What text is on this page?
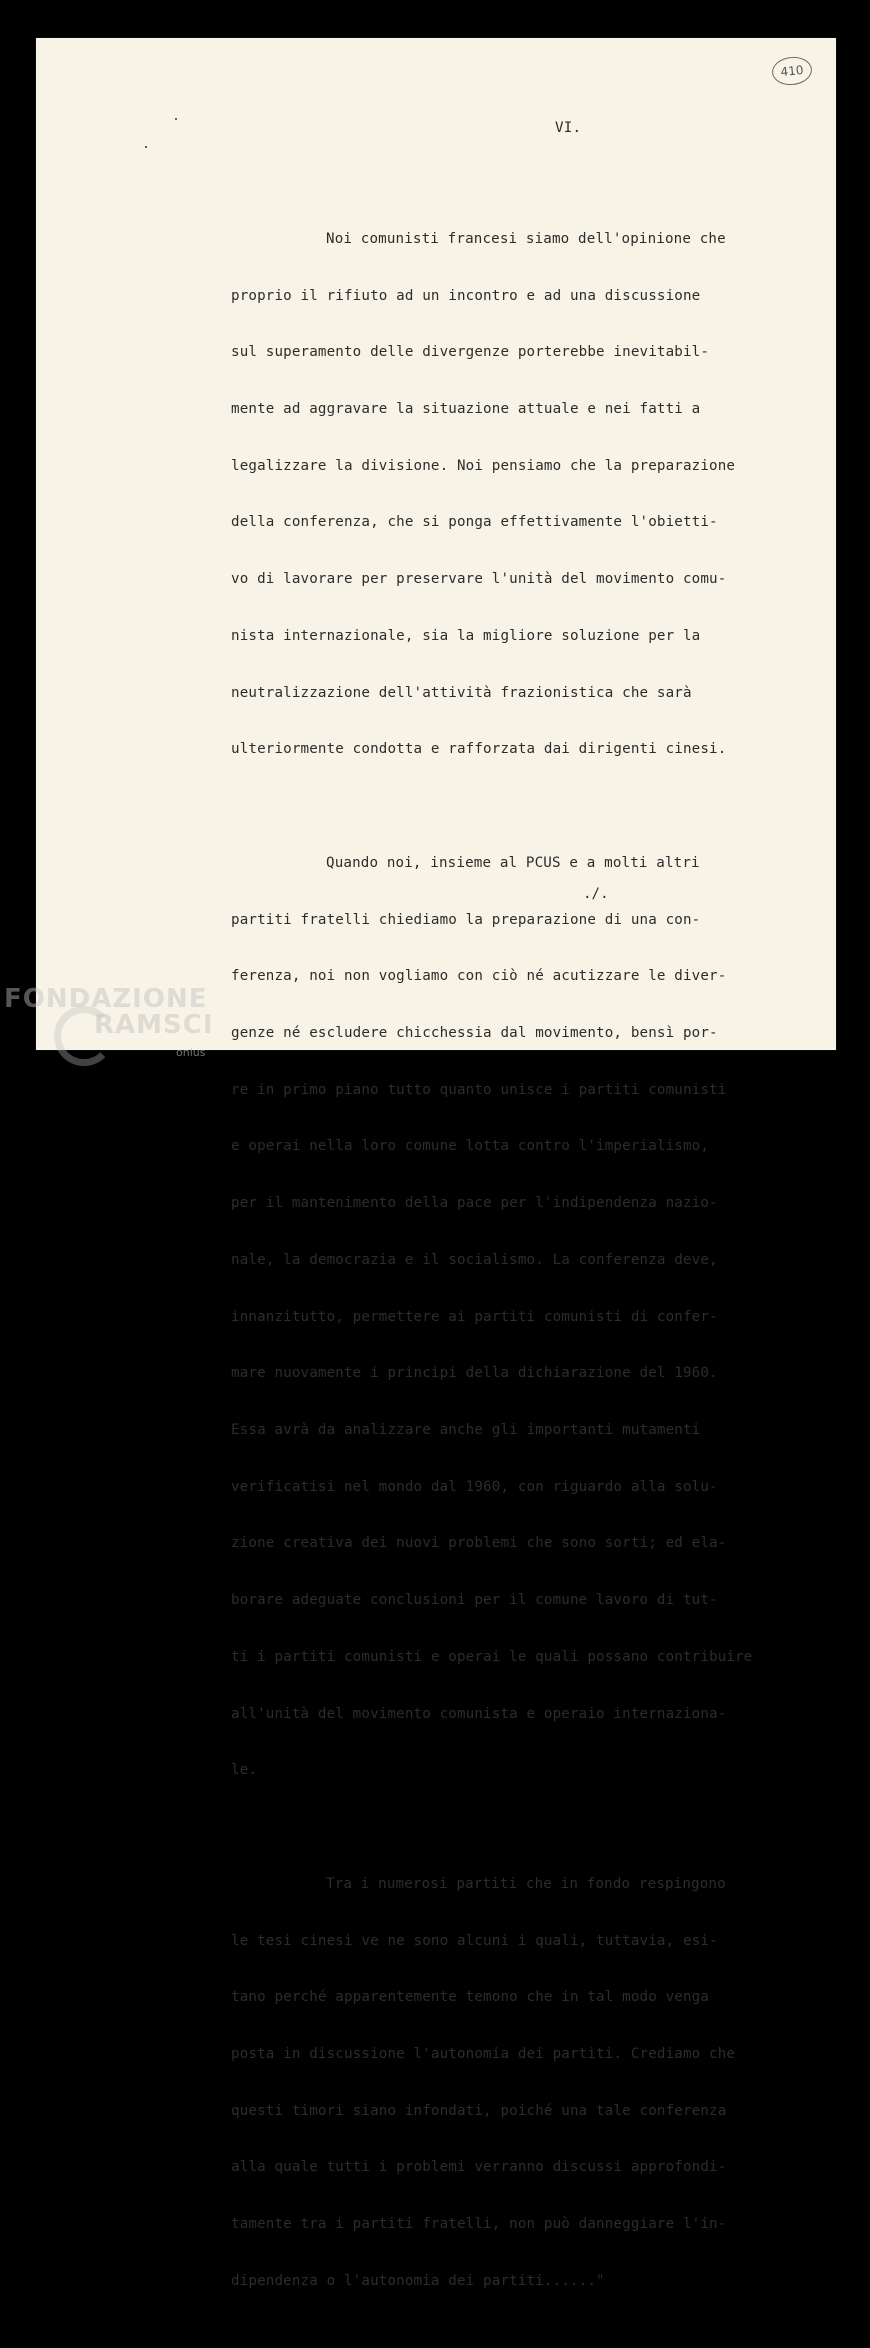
410
VI.

Noi comunisti francesi siamo dell'opinione che

proprio il rifiuto ad un incontro e ad una discussione

sul superamento delle divergenze porterebbe inevitabil-

mente ad aggravare la situazione attuale e nei fatti a

legalizzare la divisione. Noi pensiamo che la preparazione

della conferenza, che si ponga effettivamente l'obietti-

vo di lavorare per preservare l'unità del movimento comu-

nista internazionale, sia la migliore soluzione per la

neutralizzazione dell'attività frazionistica che sarà

ulteriormente condotta e rafforzata dai dirigenti cinesi.

Quando noi, insieme al PCUS e a molti altri

partiti fratelli chiediamo la preparazione di una con-

ferenza, noi non vogliamo con ciò né acutizzare le diver-

genze né escludere chicchessia dal movimento, bensì por-

re in primo piano tutto quanto unisce i partiti comunisti

e operai nella loro comune lotta contro l'imperialismo,

per il mantenimento della pace per l'indipendenza nazio-

nale, la democrazia e il socialismo. La conferenza deve,

innanzitutto, permettere ai partiti comunisti di confer-

mare nuovamente i principi della dichiarazione del 1960.

Essa avrà da analizzare anche gli importanti mutamenti

verificatisi nel mondo dal 1960, con riguardo alla solu-

zione creativa dei nuovi problemi che sono sorti; ed ela-

borare adeguate conclusioni per il comune lavoro di tut-

ti i partiti comunisti e operai le quali possano contribuire

all'unità del movimento comunista e operaio internaziona-

le.

Tra i numerosi partiti che in fondo respingono

le tesi cinesi ve ne sono alcuni i quali, tuttavia, esi-

tano perché apparentemente temono che in tal modo venga

posta in discussione l'autonomia dei partiti. Crediamo che

questi timori siano infondati, poiché una tale conferenza

alla quale tutti i problemi verranno discussi approfondi-

tamente tra i partiti fratelli, non può danneggiare l'in-

dipendenza o l'autonomia dei partiti......"

./.
FONDAZIONE
RAMSCI
onlus
